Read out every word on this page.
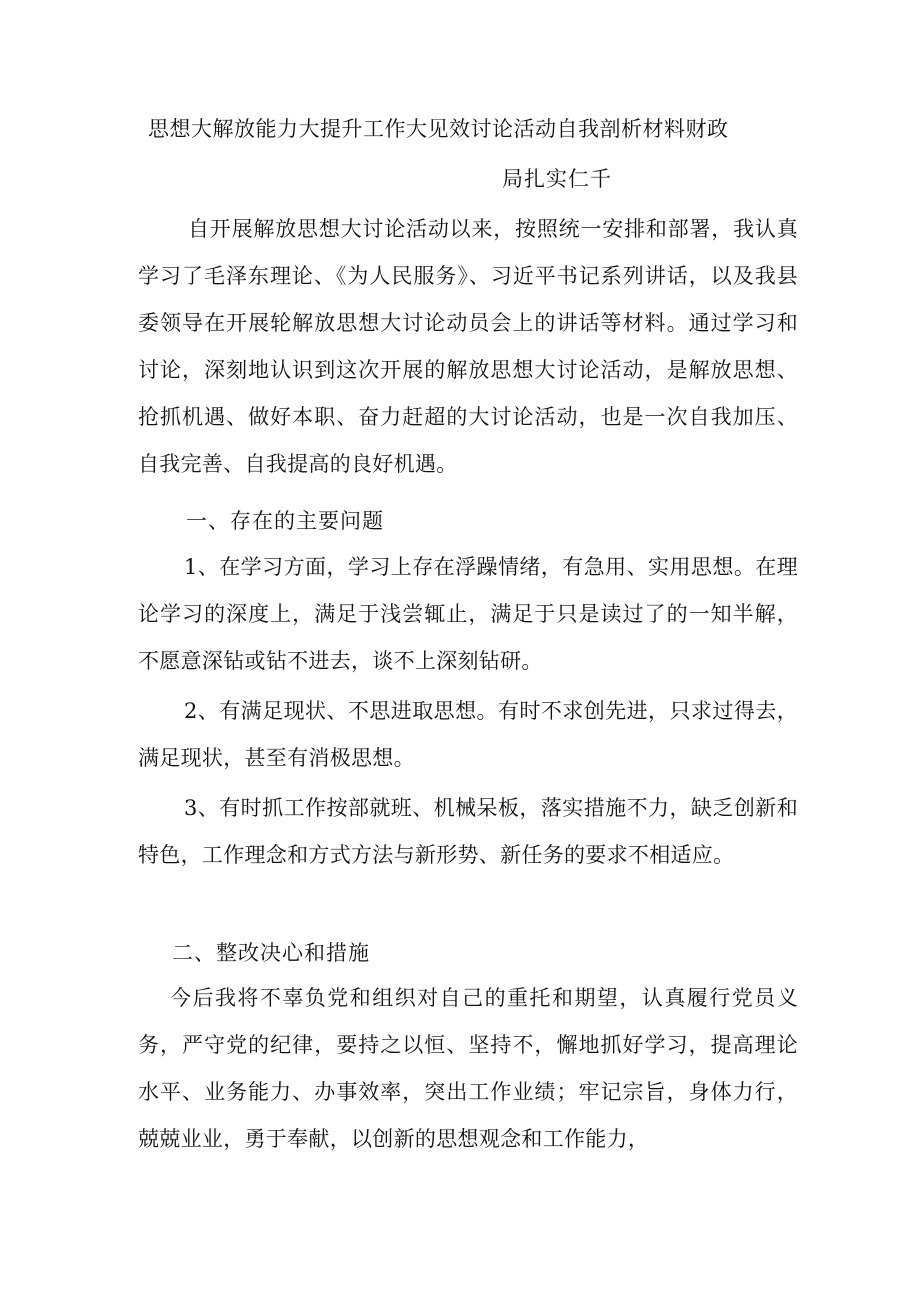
思想大解放能力大提升工作大见效讨论活动自我剖析材料财政
局扎实仁千
自开展解放思想大讨论活动以来，按照统一安排和部署，我认真学习了毛泽东理论、《为人民服务》、习近平书记系列讲话，以及我县委领导在开展轮解放思想大讨论动员会上的讲话等材料。通过学习和讨论，深刻地认识到这次开展的解放思想大讨论活动，是解放思想、抢抓机遇、做好本职、奋力赶超的大讨论活动，也是一次自我加压、自我完善、自我提高的良好机遇。
一、存在的主要问题
1、在学习方面，学习上存在浮躁情绪，有急用、实用思想。在理论学习的深度上，满足于浅尝辄止，满足于只是读过了的一知半解，不愿意深钻或钻不进去，谈不上深刻钻研。
2、有满足现状、不思进取思想。有时不求创先进，只求过得去，满足现状，甚至有消极思想。
3、有时抓工作按部就班、机械呆板，落实措施不力，缺乏创新和特色，工作理念和方式方法与新形势、新任务的要求不相适应。
二、整改决心和措施
今后我将不辜负党和组织对自己的重托和期望，认真履行党员义务，严守党的纪律，要持之以恒、坚持不，懈地抓好学习，提高理论水平、业务能力、办事效率，突出工作业绩；牢记宗旨，身体力行，兢兢业业，勇于奉献，以创新的思想观念和工作能力，
